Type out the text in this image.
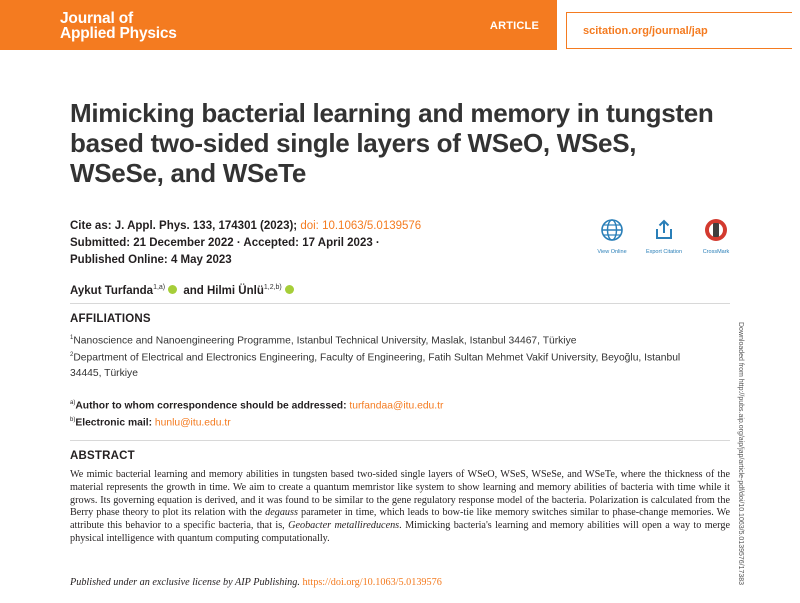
Journal of
Applied Physics	ARTICLE	scitation.org/journal/jap
Mimicking bacterial learning and memory in tungsten based two-sided single layers of WSeO, WSeS, WSeSe, and WSeTe
Cite as: J. Appl. Phys. 133, 174301 (2023); doi: 10.1063/5.0139576
Submitted: 21 December 2022 · Accepted: 17 April 2023 ·
Published Online: 4 May 2023
View Online	Export Citation	CrossMark
Aykut Turfanda$^{1,a)}$ and Hilmi Ünlü$^{1,2,b)}$
AFFILIATIONS

$^1$Nanoscience and Nanoengineering Programme, Istanbul Technical University, Maslak, Istanbul 34467, Türkiye

$^2$Department of Electrical and Electronics Engineering, Faculty of Engineering, Fatih Sultan Mehmet Vakif University, Beyoğlu, Istanbul 34445, Türkiye

$^{a)}$Author to whom correspondence should be addressed: turfandaa@itu.edu.tr
$^{b)}$Electronic mail: hunlu@itu.edu.tr
ABSTRACT

We mimic bacterial learning and memory abilities in tungsten based two-sided single layers of WSeO, WSeS, WSeSe, and WSeTe, where the thickness of the material represents the growth in time. We aim to create a quantum memristor like system to show learning and memory abilities of bacteria with time while it grows. Its governing equation is derived, and it was found to be similar to the gene regulatory response model of the bacteria. Polarization is calculated from the Berry phase theory to plot its relation with the degauss parameter in time, which leads to bow-tie like memory switches similar to phase-change memories. We attribute this behavior to a specific bacteria, that is, Geobacter metallireducens. Mimicking bacteria's learning and memory abilities will open a way to merge physical intelligence with quantum computing computationally.

Published under an exclusive license by AIP Publishing. https://doi.org/10.1063/5.0139576	Downloaded from http://pubs.aip.org/aip/jap/article-pdf/doi/10.1063/5.0139576/17383
